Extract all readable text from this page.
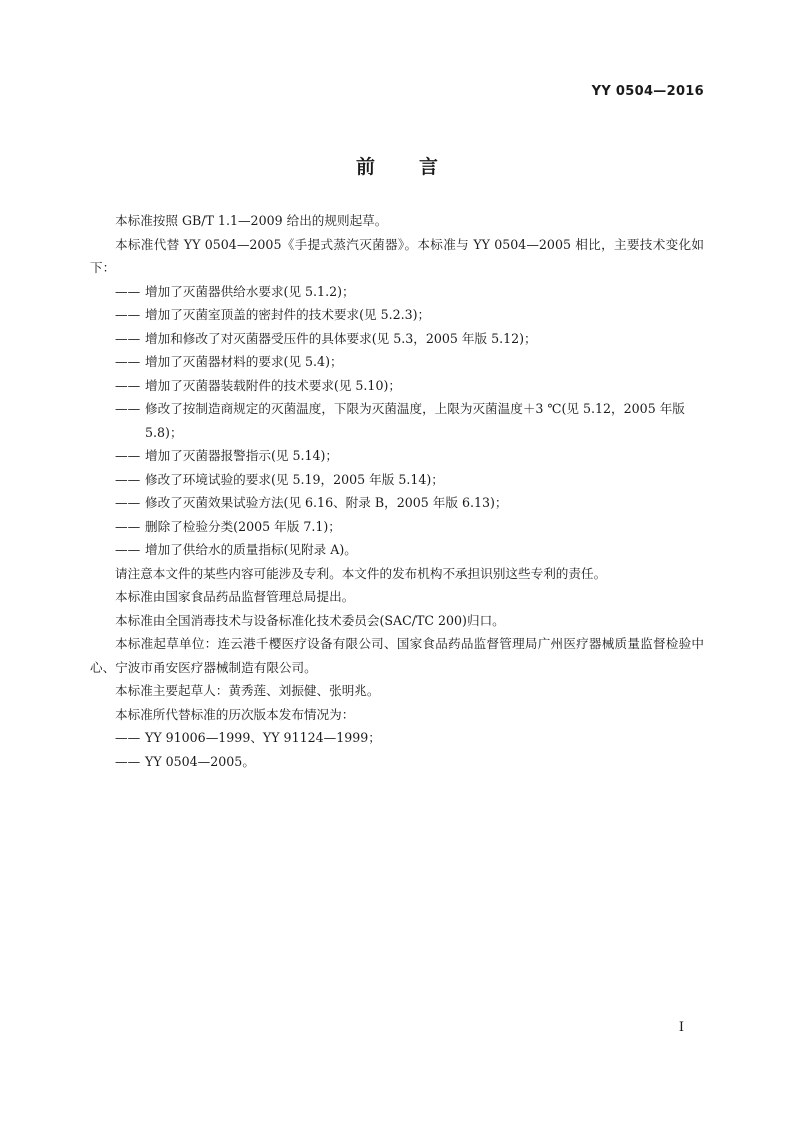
YY 0504—2016
前 言

本标准按照 GB/T 1.1—2009 给出的规则起草。

本标准代替 YY 0504—2005《手提式蒸汽灭菌器》。本标准与 YY 0504—2005 相比，主要技术变化如下：

—— 增加了灭菌器供给水要求(见 5.1.2)；

—— 增加了灭菌室顶盖的密封件的技术要求(见 5.2.3)；

—— 增加和修改了对灭菌器受压件的具体要求(见 5.3，2005 年版 5.12)；

—— 增加了灭菌器材料的要求(见 5.4)；

—— 增加了灭菌器装载附件的技术要求(见 5.10)；

—— 修改了按制造商规定的灭菌温度，下限为灭菌温度，上限为灭菌温度＋3 ℃(见 5.12，2005 年版 5.8)；

—— 增加了灭菌器报警指示(见 5.14)；

—— 修改了环境试验的要求(见 5.19，2005 年版 5.14)；

—— 修改了灭菌效果试验方法(见 6.16、附录 B，2005 年版 6.13)；

—— 删除了检验分类(2005 年版 7.1)；

—— 增加了供给水的质量指标(见附录 A)。

请注意本文件的某些内容可能涉及专利。本文件的发布机构不承担识别这些专利的责任。

本标准由国家食品药品监督管理总局提出。

本标准由全国消毒技术与设备标准化技术委员会(SAC/TC 200)归口。

本标准起草单位：连云港千樱医疗设备有限公司、国家食品药品监督管理局广州医疗器械质量监督检验中心、宁波市甬安医疗器械制造有限公司。

本标准主要起草人：黄秀莲、刘振健、张明兆。

本标准所代替标准的历次版本发布情况为：

—— YY 91006—1999、YY 91124—1999；

—— YY 0504—2005。

I
